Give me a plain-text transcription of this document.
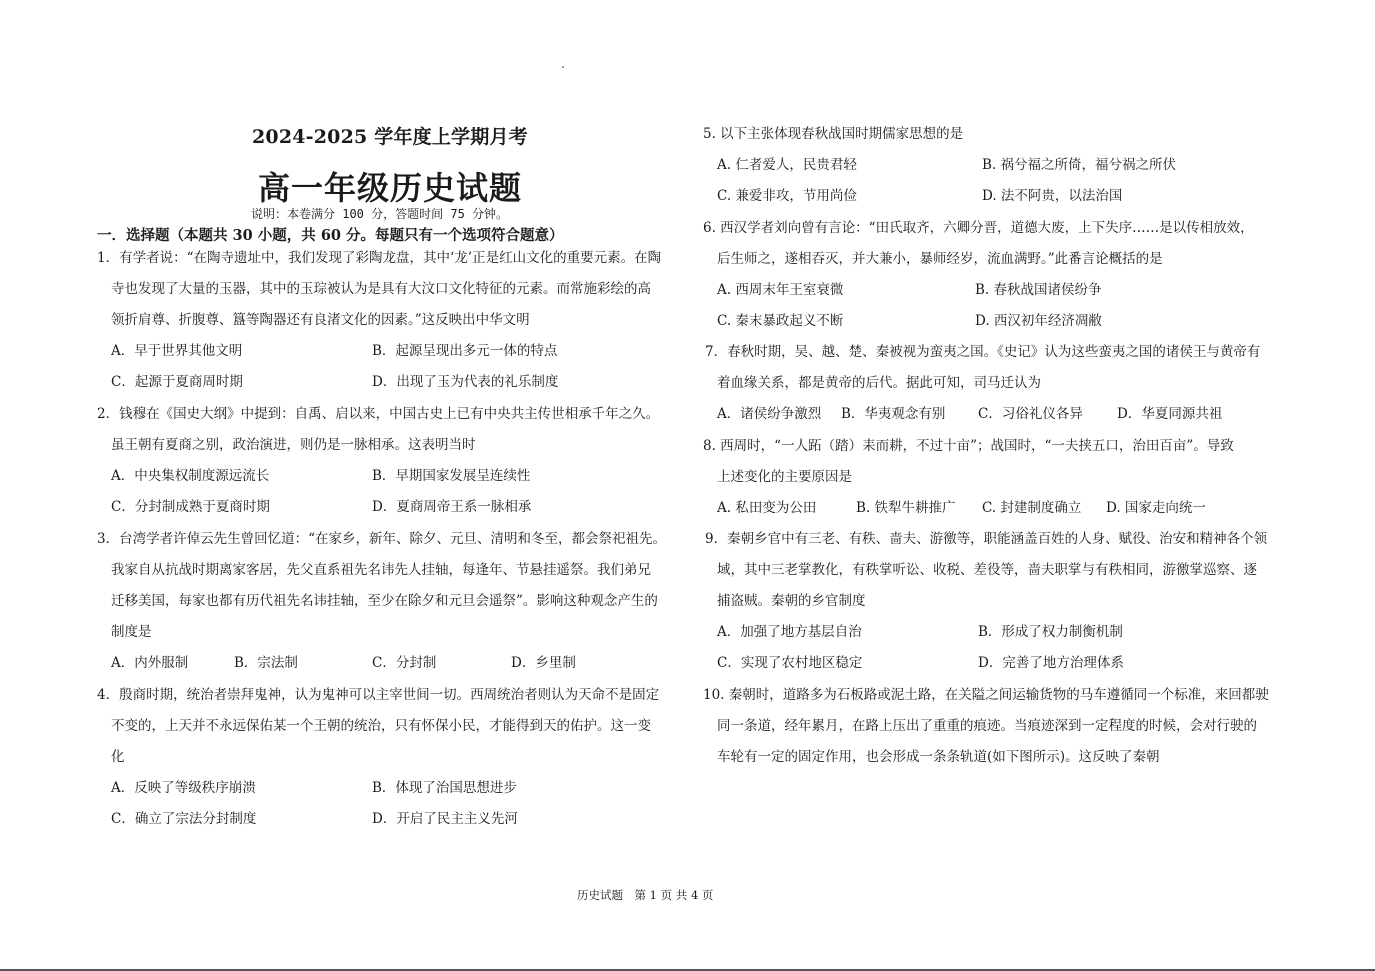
2024-2025 学年度上学期月考
高一年级历史试题
说明：本卷满分 100 分，答题时间 75 分钟。
一．选择题（本题共 30 小题，共 60 分。每题只有一个选项符合题意）
1．有学者说：“在陶寺遗址中，我们发现了彩陶龙盘，其中‘龙’正是红山文化的重要元素。在陶
寺也发现了大量的玉器，其中的玉琮被认为是具有大汶口文化特征的元素。而常施彩绘的高
领折肩尊、折腹尊、簋等陶器还有良渚文化的因素。”这反映出中华文明
A．早于世界其他文明	B．起源呈现出多元一体的特点
C．起源于夏商周时期	D．出现了玉为代表的礼乐制度
2．钱穆在《国史大纲》中提到：自禹、启以来，中国古史上已有中央共主传世相承千年之久。
虽王朝有夏商之别，政治演进，则仍是一脉相承。这表明当时
A．中央集权制度源远流长	B．早期国家发展呈连续性
C．分封制成熟于夏商时期	D．夏商周帝王系一脉相承
3．台湾学者许倬云先生曾回忆道：“在家乡，新年、除夕、元旦、清明和冬至，都会祭祀祖先。
我家自从抗战时期离家客居，先父直系祖先名讳先人挂轴，每逢年、节悬挂遥祭。我们弟兄
迁移美国，每家也都有历代祖先名讳挂轴，至少在除夕和元旦会遥祭”。影响这种观念产生的
制度是
A．内外服制	B．宗法制	C．分封制	D．乡里制
4．殷商时期，统治者崇拜鬼神，认为鬼神可以主宰世间一切。西周统治者则认为天命不是固定
不变的，上天并不永远保佑某一个王朝的统治，只有怀保小民，才能得到天的佑护。这一变
化
A．反映了等级秩序崩溃	B．体现了治国思想进步
C．确立了宗法分封制度	D．开启了民主主义先河
5. 以下主张体现春秋战国时期儒家思想的是
A. 仁者爱人，民贵君轻	B. 祸兮福之所倚，福兮祸之所伏
C. 兼爱非攻，节用尚俭	D. 法不阿贵，以法治国
6. 西汉学者刘向曾有言论：“田氏取齐，六卿分晋，道德大废，上下失序……是以传相放效，
后生师之，遂相吞灭，并大兼小，暴师经岁，流血满野。”此番言论概括的是
A. 西周末年王室衰微	B. 春秋战国诸侯纷争
C. 秦末暴政起义不断	D. 西汉初年经济凋敝
7．春秋时期，吴、越、楚、秦被视为蛮夷之国。《史记》认为这些蛮夷之国的诸侯王与黄帝有
着血缘关系，都是黄帝的后代。据此可知，司马迁认为
A．诸侯纷争激烈 B．华夷观念有别 C．习俗礼仪各异	D．华夏同源共祖
8. 西周时，“一人跖（踏）耒而耕，不过十亩”；战国时，“一夫挟五口，治田百亩”。导致
上述变化的主要原因是
A. 私田变为公田	B. 铁犁牛耕推广 C. 封建制度确立 D. 国家走向统一
9．秦朝乡官中有三老、有秩、啬夫、游徼等，职能涵盖百姓的人身、赋役、治安和精神各个领
域，其中三老掌教化，有秩掌听讼、收税、差役等，啬夫职掌与有秩相同，游徼掌巡察、逐
捕盗贼。秦朝的乡官制度
A．加强了地方基层自治	B．形成了权力制衡机制
C．实现了农村地区稳定	D．完善了地方治理体系
10. 秦朝时，道路多为石板路或泥土路，在关隘之间运输货物的马车遵循同一个标准，来回都驶
同一条道，经年累月，在路上压出了重重的痕迹。当痕迹深到一定程度的时候，会对行驶的
车轮有一定的固定作用，也会形成一条条轨道(如下图所示)。这反映了秦朝
历史试题　第 1 页 共 4 页
